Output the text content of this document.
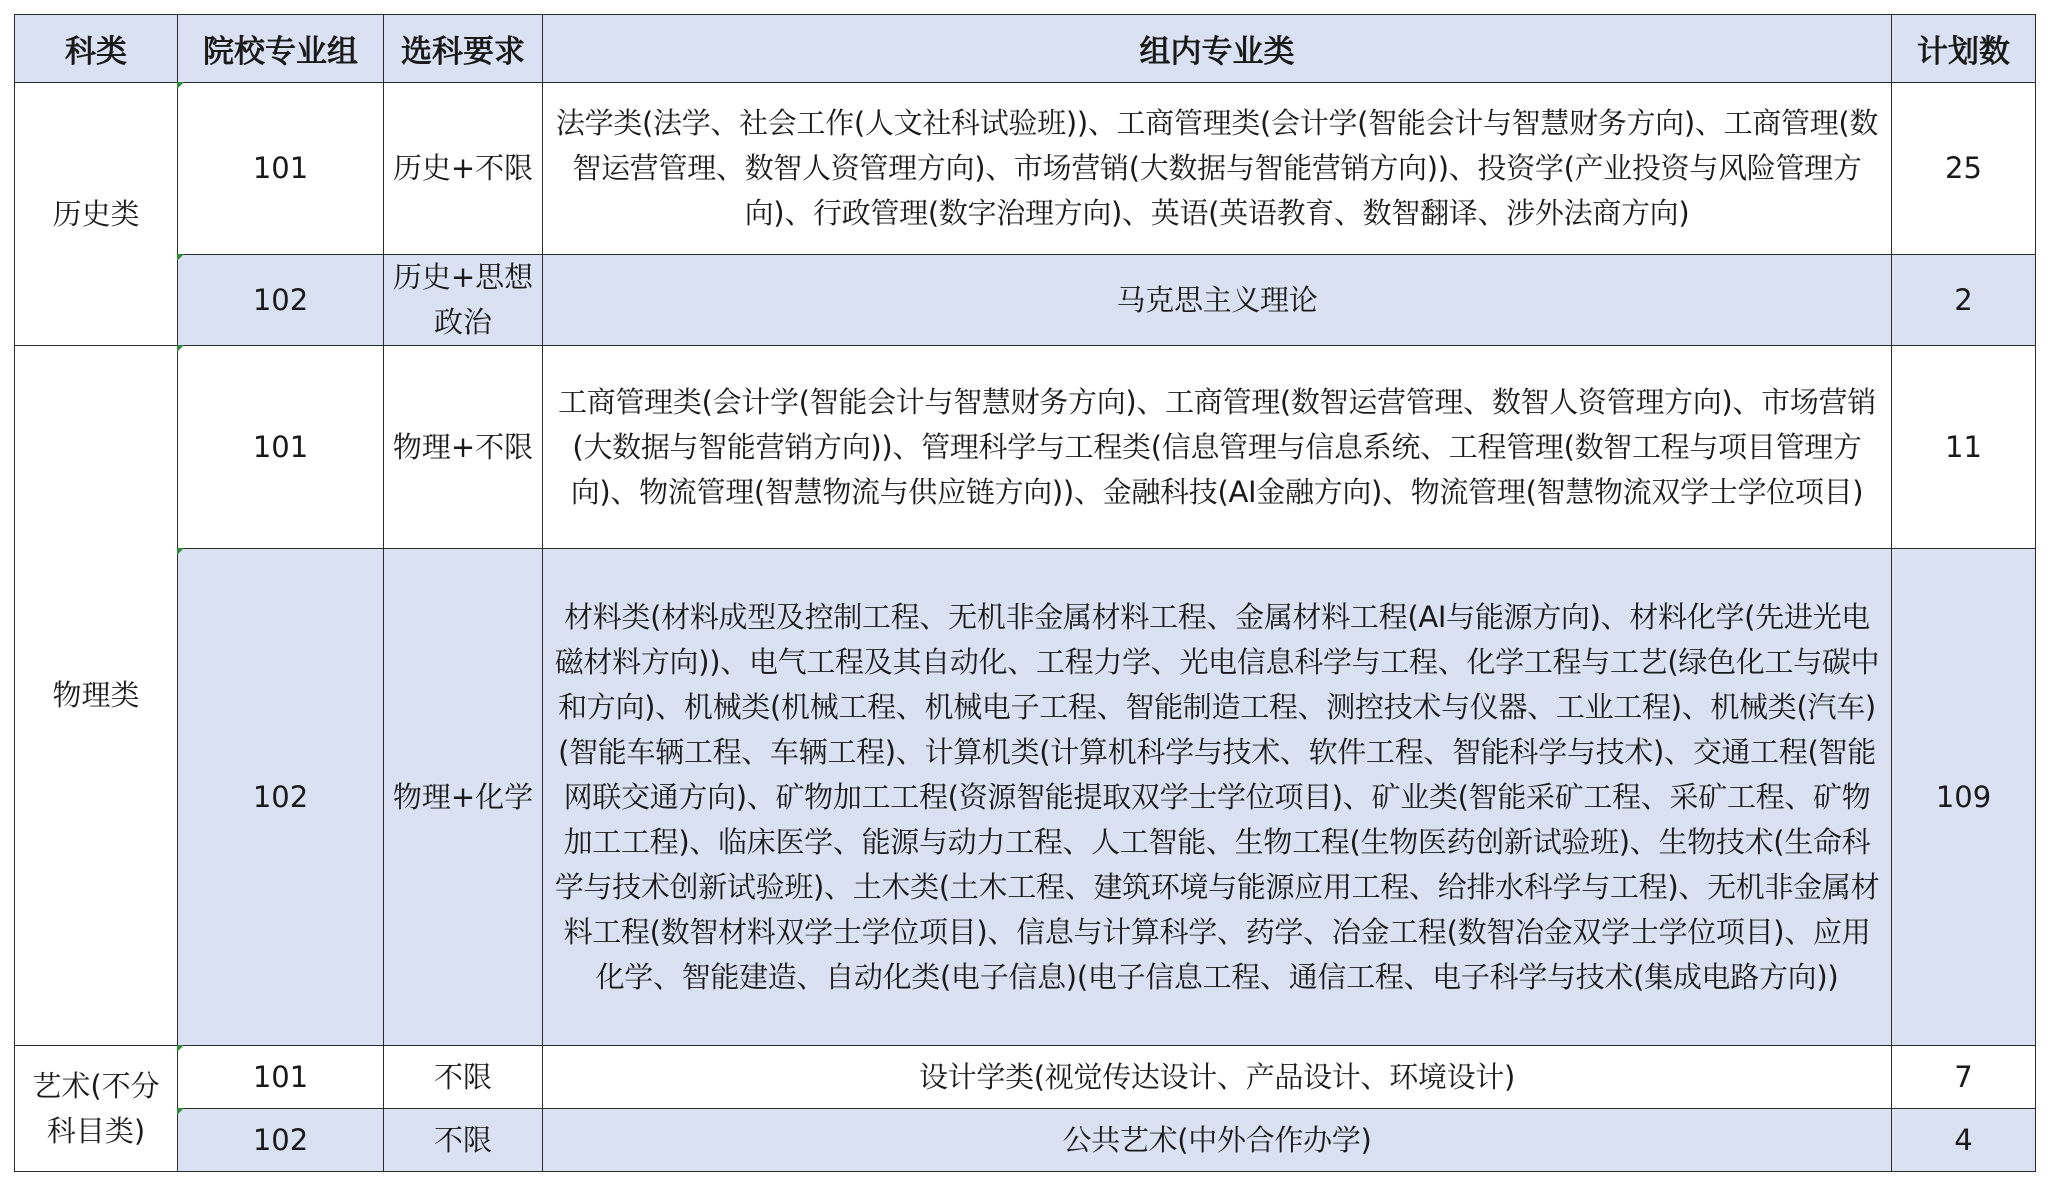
科类	院校专业组	选科要求	组内专业类	计划数
历史类	101	历史+不限	法学类(法学、社会工作(人文社科试验班))、工商管理类(会计学(智能会计与智慧财务方向)、工商管理(数智运营管理、数智人资管理方向)、市场营销(大数据与智能营销方向))、投资学(产业投资与风险管理方向)、行政管理(数字治理方向)、英语(英语教育、数智翻译、涉外法商方向)	25
	102	历史+思想政治	马克思主义理论	2
物理类	101	物理+不限	工商管理类(会计学(智能会计与智慧财务方向)、工商管理(数智运营管理、数智人资管理方向)、市场营销(大数据与智能营销方向))、管理科学与工程类(信息管理与信息系统、工程管理(数智工程与项目管理方向)、物流管理(智慧物流与供应链方向))、金融科技(AI金融方向)、物流管理(智慧物流双学士学位项目)	11
	102	物理+化学	材料类(材料成型及控制工程、无机非金属材料工程、金属材料工程(AI与能源方向)、材料化学(先进光电磁材料方向))、电气工程及其自动化、工程力学、光电信息科学与工程、化学工程与工艺(绿色化工与碳中和方向)、机械类(机械工程、机械电子工程、智能制造工程、测控技术与仪器、工业工程)、机械类(汽车)(智能车辆工程、车辆工程)、计算机类(计算机科学与技术、软件工程、智能科学与技术)、交通工程(智能网联交通方向)、矿物加工工程(资源智能提取双学士学位项目)、矿业类(智能采矿工程、采矿工程、矿物加工工程)、临床医学、能源与动力工程、人工智能、生物工程(生物医药创新试验班)、生物技术(生命科学与技术创新试验班)、土木类(土木工程、建筑环境与能源应用工程、给排水科学与工程)、无机非金属材料工程(数智材料双学士学位项目)、信息与计算科学、药学、冶金工程(数智冶金双学士学位项目)、应用化学、智能建造、自动化类(电子信息)(电子信息工程、通信工程、电子科学与技术(集成电路方向))	109
艺术(不分科目类)	101	不限	设计学类(视觉传达设计、产品设计、环境设计)	7
	102	不限	公共艺术(中外合作办学)	4
